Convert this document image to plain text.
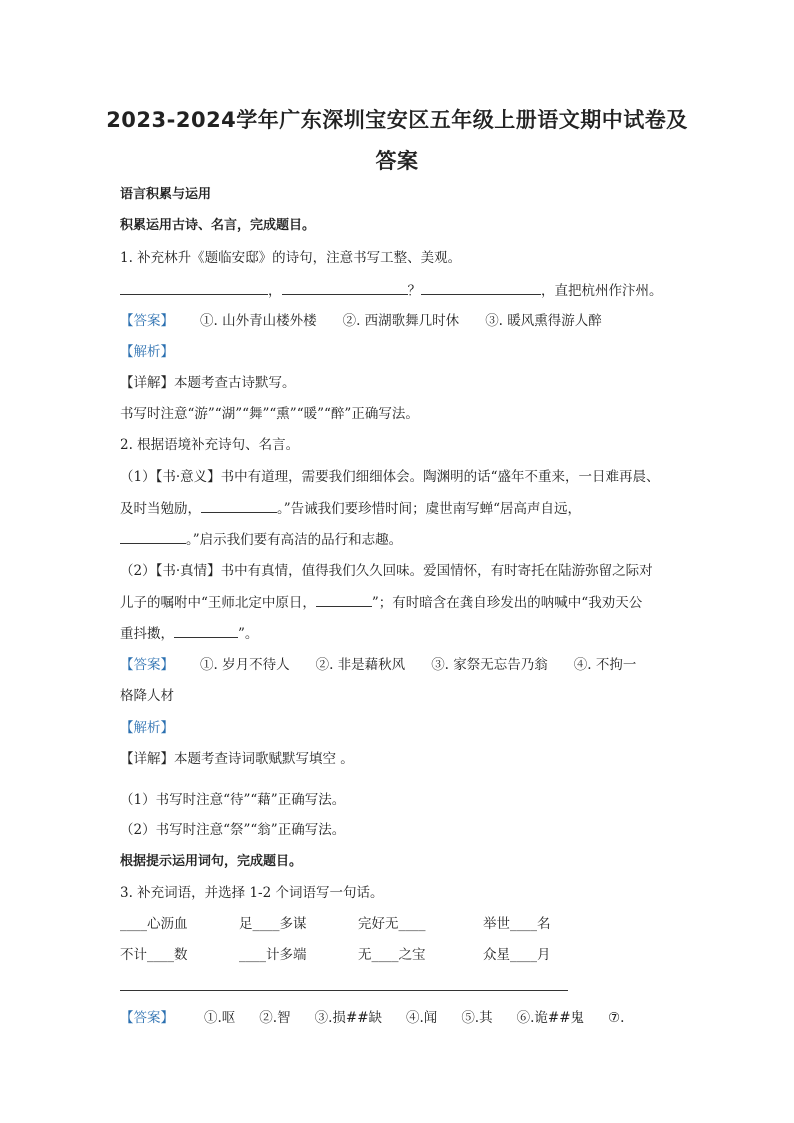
2023-2024学年广东深圳宝安区五年级上册语文期中试卷及
答案
语言积累与运用
积累运用古诗、名言，完成题目。
1. 补充林升《题临安邸》的诗句，注意书写工整、美观。
，	？	，直把杭州作汴州。
【答案】 ①. 山外青山楼外楼 ②. 西湖歌舞几时休 ③. 暖风熏得游人醉
【解析】
【详解】本题考查古诗默写。
书写时注意“游”“湖”“舞”“熏”“暖”“醉”正确写法。
2. 根据语境补充诗句、名言。
（1）【书·意义】书中有道理，需要我们细细体会。陶渊明的话“盛年不重来，一日难再晨、
及时当勉励，	。”告诫我们要珍惜时间；虞世南写蝉“居高声自远，
。”启示我们要有高洁的品行和志趣。
（2）【书·真情】书中有真情，值得我们久久回味。爱国情怀，有时寄托在陆游弥留之际对
儿子的嘱咐中“王师北定中原日，	”；有时暗含在龚自珍发出的呐喊中“我劝天公
重抖擞，	”。
【答案】 ①. 岁月不待人 ②. 非是藉秋风 ③. 家祭无忘告乃翁 ④. 不拘一
格降人材
【解析】
【详解】本题考查诗词歌赋默写填空 。
（1）书写时注意“待”“藉”正确写法。
（2）书写时注意“祭”“翁”正确写法。
根据提示运用词句，完成题目。
3. 补充词语，并选择 1-2 个词语写一句话。
____心沥血	足____多谋	完好无____	举世____名
不计____数	____计多端	无____之宝	众星____月
【答案】 ①.呕 ②.智 ③.损##缺 ④.闻 ⑤.其 ⑥.诡##鬼 ⑦.
